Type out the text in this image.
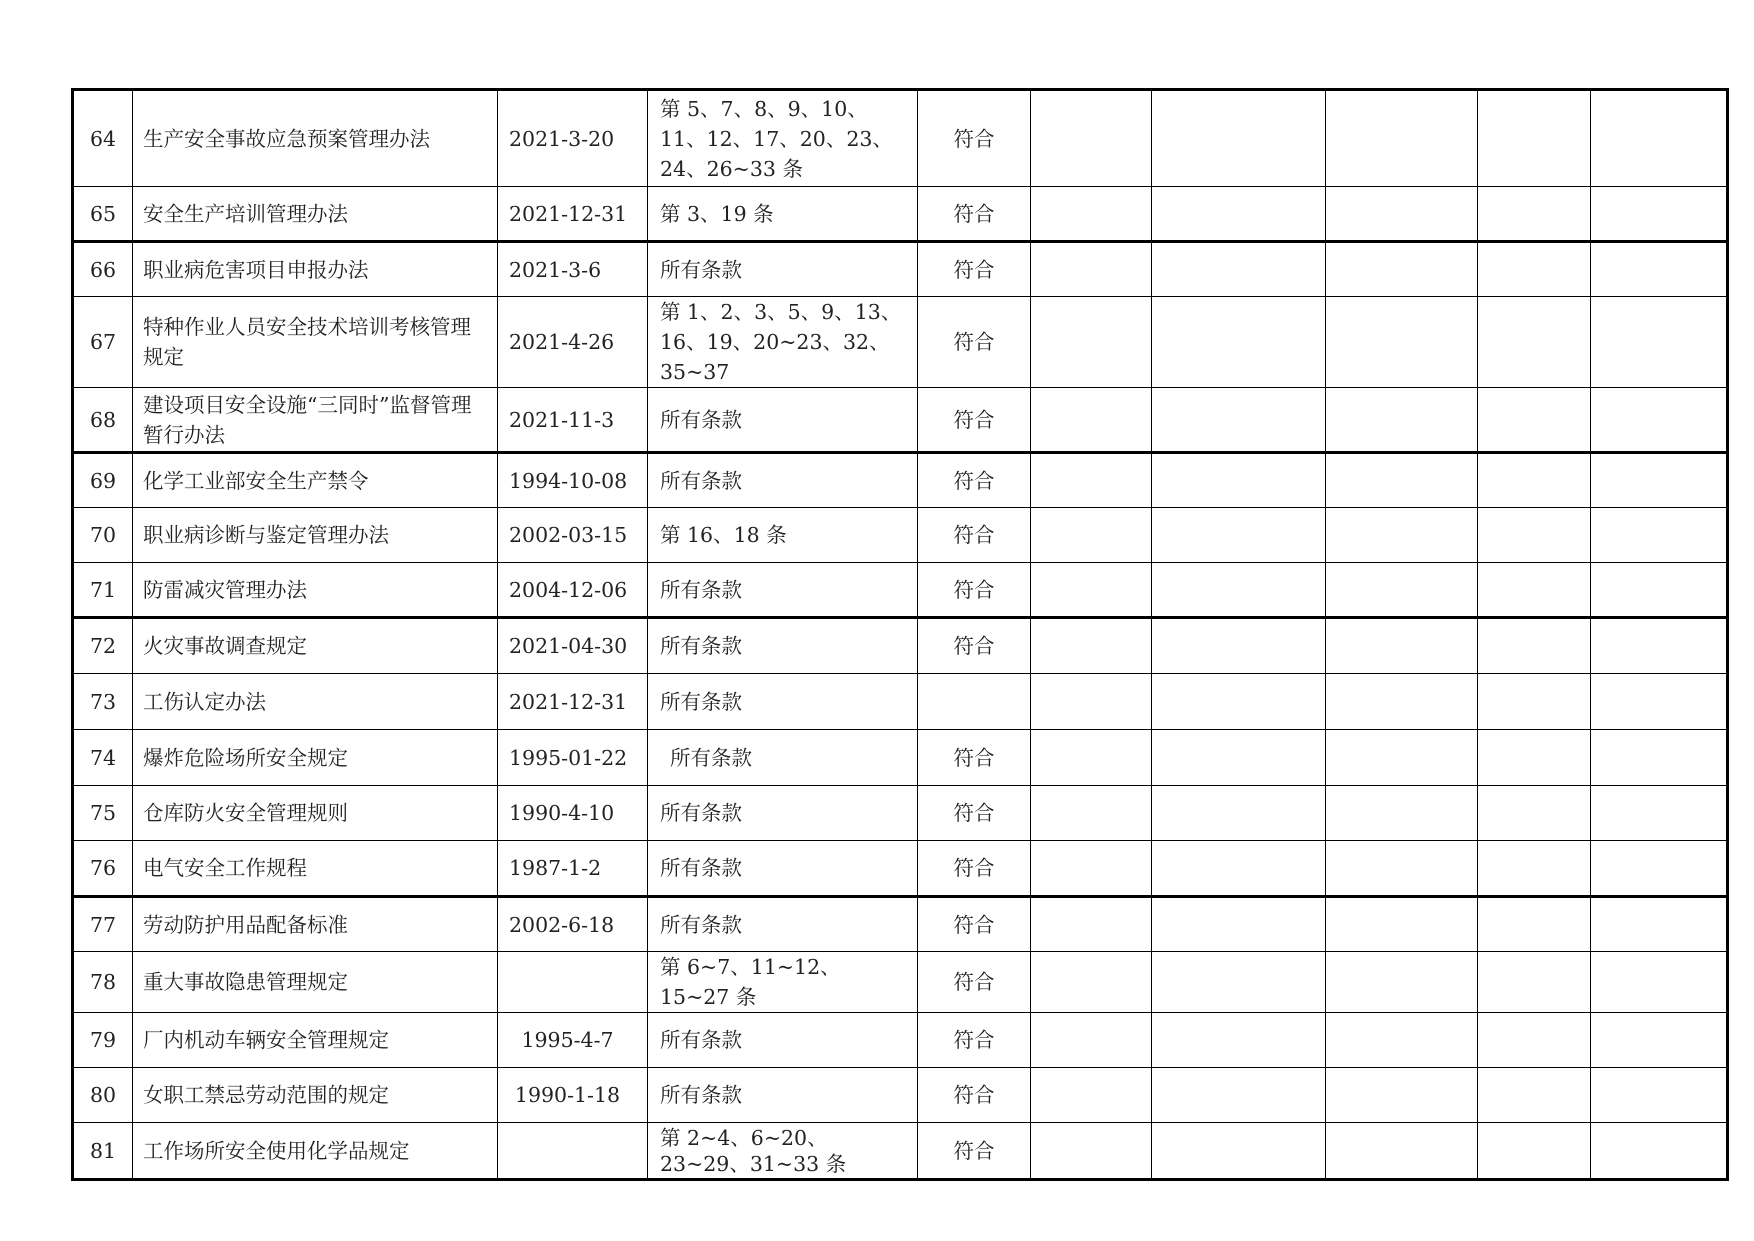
64	生产安全事故应急预案管理办法	2021-3-20	第 5、7、8、9、10、11、12、17、20、23、24、26~33 条	符合					
65	安全生产培训管理办法	2021-12-31	第 3、19 条	符合					
66	职业病危害项目申报办法	2021-3-6	所有条款	符合					
67	特种作业人员安全技术培训考核管理规定	2021-4-26	第 1、2、3、5、9、13、16、19、20~23、32、35~37	符合					
68	建设项目安全设施“三同时”监督管理暂行办法	2021-11-3	所有条款	符合					
69	化学工业部安全生产禁令	1994-10-08	所有条款	符合					
70	职业病诊断与鉴定管理办法	2002-03-15	第 16、18 条	符合					
71	防雷减灾管理办法	2004-12-06	所有条款	符合					
72	火灾事故调查规定	2021-04-30	所有条款	符合					
73	工伤认定办法	2021-12-31	所有条款						
74	爆炸危险场所安全规定	1995-01-22	所有条款	符合					
75	仓库防火安全管理规则	1990-4-10	所有条款	符合					
76	电气安全工作规程	1987-1-2	所有条款	符合					
77	劳动防护用品配备标准	2002-6-18	所有条款	符合					
78	重大事故隐患管理规定		第 6~7、11~12、15~27 条	符合					
79	厂内机动车辆安全管理规定	1995-4-7	所有条款	符合					
80	女职工禁忌劳动范围的规定	1990-1-18	所有条款	符合					
81	工作场所安全使用化学品规定		第 2~4、6~20、23~29、31~33 条	符合					
